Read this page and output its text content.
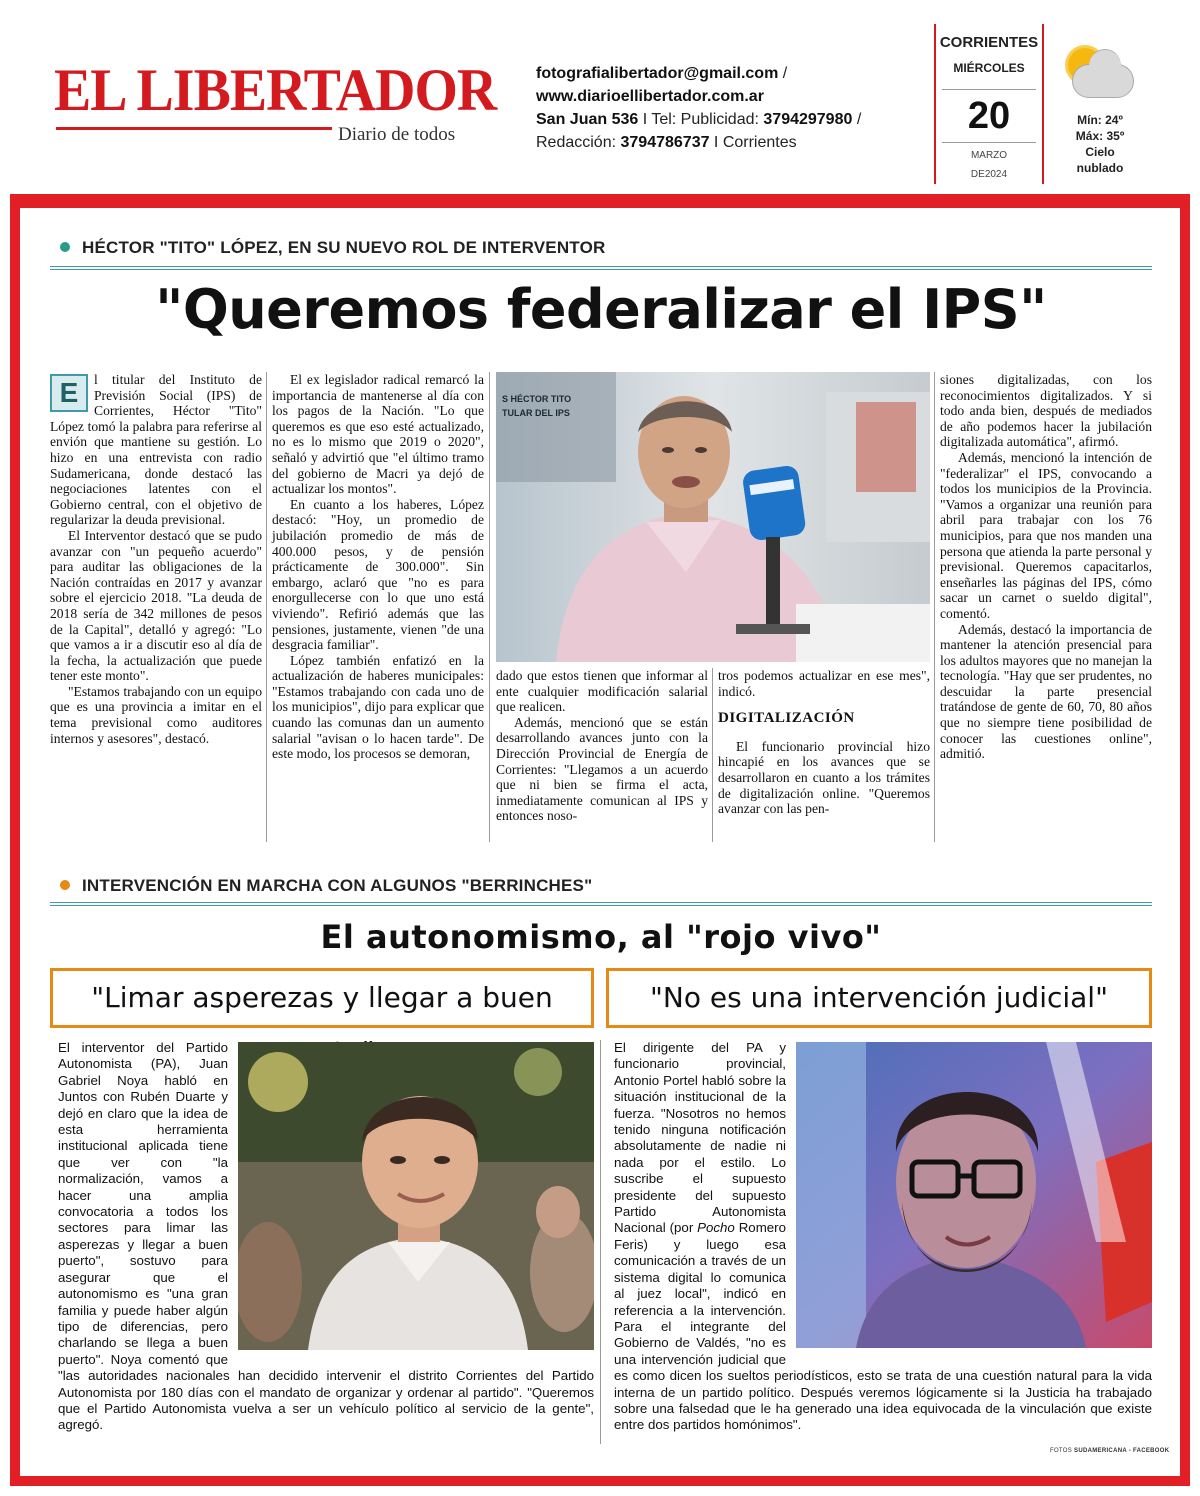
EL LIBERTADOR
Diario de todos
fotografialibertador@gmail.com /
www.diarioellibertador.com.ar
San Juan 536 I Tel: Publicidad: 3794297980 /
Redacción: 3794786737 I Corrientes
CORRIENTES
MIÉRCOLES
20
MARZO
DE2024
Mín: 24º
Máx: 35º
Cielo
nublado
HÉCTOR "TITO" LÓPEZ, EN SU NUEVO ROL DE INTERVENTOR
"Queremos federalizar el IPS"
E	l titular del Instituto de Previsión Social (IPS) de Corrientes, Héctor "Tito" López tomó la palabra para referirse al envión que mantiene su gestión. Lo hizo en una entrevista con radio Sudamericana, donde destacó las negociaciones latentes con el Gobierno central, con el objetivo de regularizar la deuda previsional.

El Interventor destacó que se pudo avanzar con "un pequeño acuerdo" para auditar las obligaciones de la Nación contraídas en 2017 y avanzar sobre el ejercicio 2018. "La deuda de 2018 sería de 342 millones de pesos de la Capital", detalló y agregó: "Lo que vamos a ir a discutir eso al día de la fecha, la actualización que puede tener este monto".

"Estamos trabajando con un equipo que es una provincia a imitar en el tema previsional como auditores internos y asesores", destacó.

El ex legislador radical remarcó la importancia de mantenerse al día con los pagos de la Nación. "Lo que queremos es que eso esté actualizado, no es lo mismo que 2019 o 2020", señaló y advirtió que "el último tramo del gobierno de Macri ya dejó de actualizar los montos".

En cuanto a los haberes, López destacó: "Hoy, un promedio de jubilación promedio de más de 400.000 pesos, y de pensión prácticamente de 300.000". Sin embargo, aclaró que "no es para enorgullecerse con lo que uno está viviendo". Refirió además que las pensiones, justamente, vienen "de una desgracia familiar".

López también enfatizó en la actualización de haberes municipales: "Estamos trabajando con cada uno de los municipios", dijo para explicar que cuando las comunas dan un aumento salarial "avisan o lo hacen tarde". De este modo, los procesos se demoran,

S HÉCTOR TITO
TULAR DEL IPS

dado que estos tienen que informar al ente cualquier modificación salarial que realicen.

Además, mencionó que se están desarrollando avances junto con la Dirección Provincial de Energía de Corrientes: "Llegamos a un acuerdo que ni bien se firma el acta, inmediatamente comunican al IPS y entonces noso-

tros podemos actualizar en ese mes", indicó.

DIGITALIZACIÓN

El funcionario provincial hizo hincapié en los avances que se desarrollaron en cuanto a los trámites de digitalización online. "Queremos avanzar con las pen-

siones digitalizadas, con los reconocimientos digitalizados. Y si todo anda bien, después de mediados de año podemos hacer la jubilación digitalizada automática", afirmó.

Además, mencionó la intención de "federalizar" el IPS, convocando a todos los municipios de la Provincia. "Vamos a organizar una reunión para abril para trabajar con los 76 municipios, para que nos manden una persona que atienda la parte personal y previsional. Queremos capacitarlos, enseñarles las páginas del IPS, cómo sacar un carnet o sueldo digital", comentó.

Además, destacó la importancia de mantener la atención presencial para los adultos mayores que no manejan la tecnología. "Hay que ser prudentes, no descuidar la parte presencial tratándose de gente de 60, 70, 80 años que no siempre tiene posibilidad de conocer las cuestiones online", admitió.

INTERVENCIÓN EN MARCHA CON ALGUNOS "BERRINCHES"
El autonomismo, al "rojo vivo"
"Limar asperezas y llegar a buen	"No es una intervención judicial"
El interventor del Partido Autonomista (PA), Juan Gabriel Noya habló en Juntos con Rubén Duarte y dejó en claro que la idea de esta herramienta institucional aplicada tiene que ver con "la normalización, vamos a hacer una amplia convocatoria a todos los sectores para limar las asperezas y llegar a buen puerto", sostuvo para asegurar que el autonomismo es "una gran familia y puede haber algún tipo de diferencias, pero charlando se llega a buen puerto". Noya comentó que "las autoridades nacionales han decidido intervenir el distrito Corrientes del Partido Autonomista por 180 días con el mandato de organizar y ordenar al partido". "Queremos que el Partido Autonomista vuelva a ser un vehículo político al servicio de la gente", agregó.
El dirigente del PA y funcionario provincial, Antonio Portel habló sobre la situación institucional de la fuerza. "Nosotros no hemos tenido ninguna notificación absolutamente de nadie ni nada por el estilo. Lo suscribe el supuesto presidente del supuesto Partido Autonomista Nacional (por Pocho Romero Feris) y luego esa comunicación a través de un sistema digital lo comunica al juez local", indicó en referencia a la intervención. Para el integrante del Gobierno de Valdés, "no es una intervención judicial que es como dicen los sueltos periodísticos, esto se trata de una cuestión natural para la vida interna de un partido político. Después veremos lógicamente si la Justicia ha trabajado sobre una falsedad que le ha generado una idea equivocada de la vinculación que existe entre dos partidos homónimos".
FOTOS SUDAMERICANA - FACEBOOK
